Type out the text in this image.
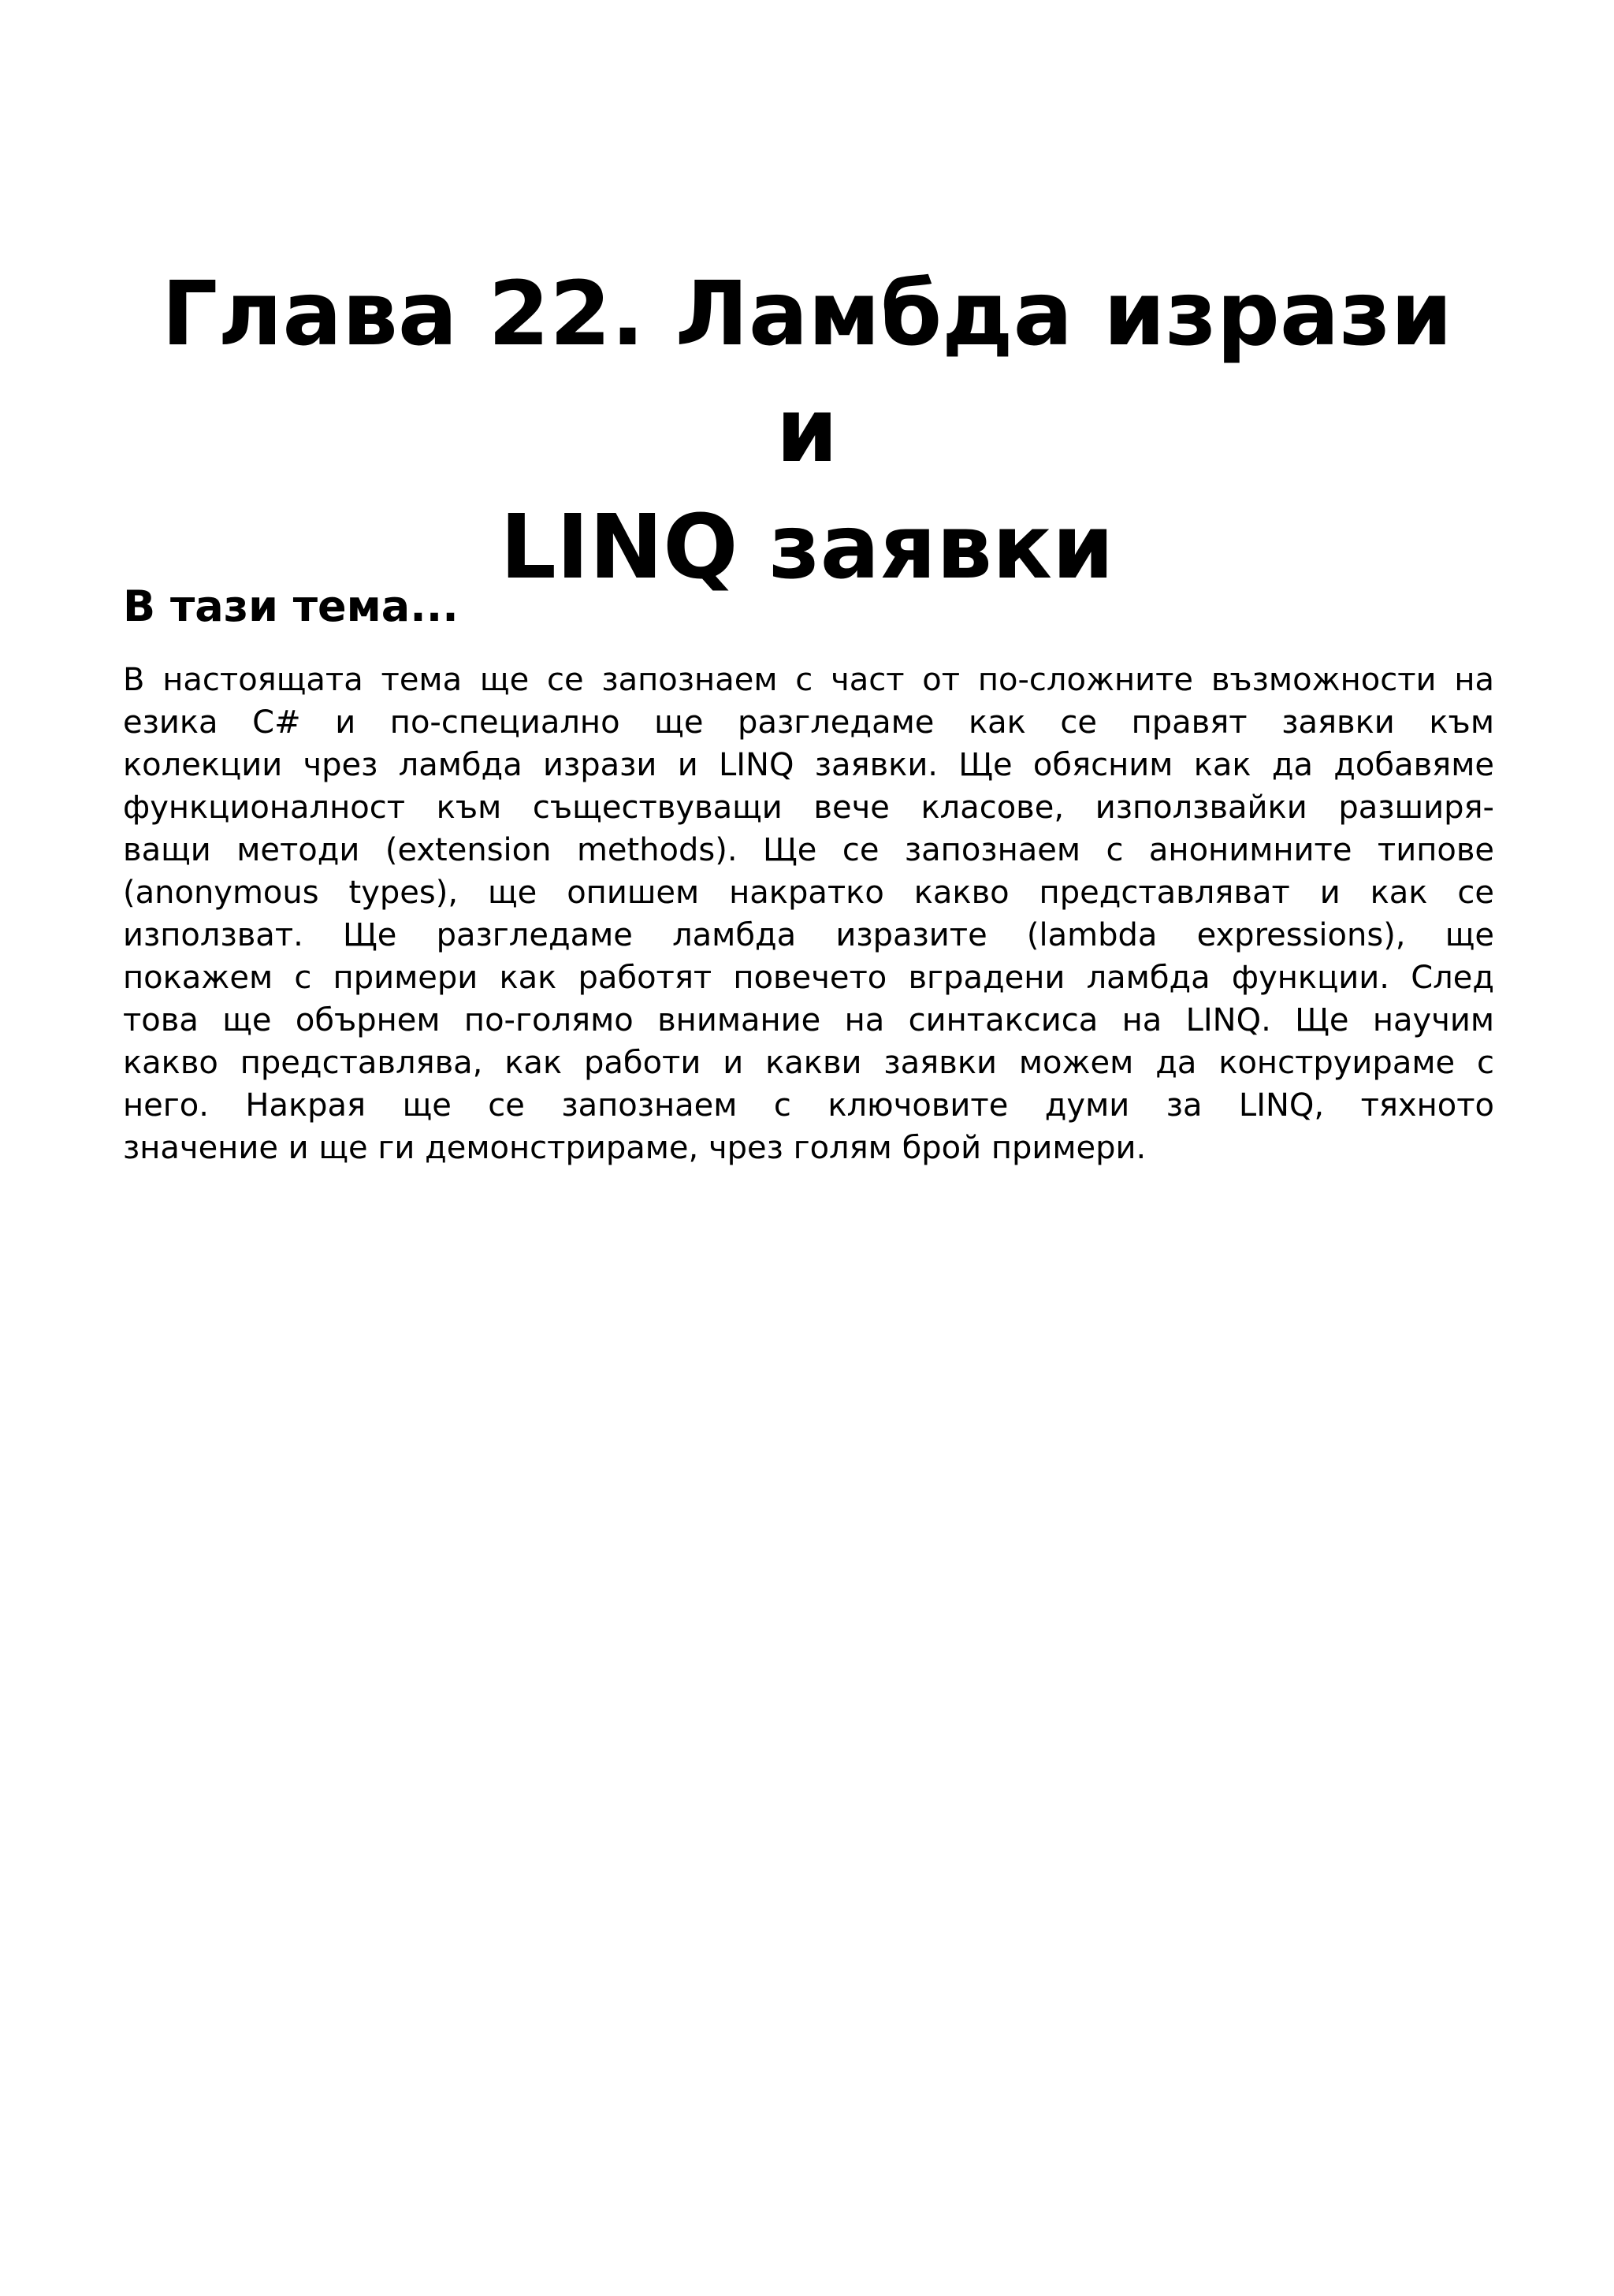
Глава 22. Ламбда изрази и
LINQ заявки
В тази тема...
В настоящата тема ще се запознаем с част от по-сложните възможности на
езика C# и по-специално ще разгледаме как се правят заявки към
колекции чрез ламбда изрази и LINQ заявки. Ще обясним как да добавяме
функционалност към съществуващи вече класове, използвайки разширя-
ващи методи (extension methods). Ще се запознаем с анонимните типове
(anonymous types), ще опишем накратко какво представляват и как се
използват. Ще разгледаме ламбда изразите (lambda expressions), ще
покажем с примери как работят повечето вградени ламбда функции. След
това ще обърнем по-голямо внимание на синтаксиса на LINQ. Ще научим
какво представлява, как работи и какви заявки можем да конструираме с
него. Накрая ще се запознаем с ключовите думи за LINQ, тяхното
значение и ще ги демонстрираме, чрез голям брой примери.
